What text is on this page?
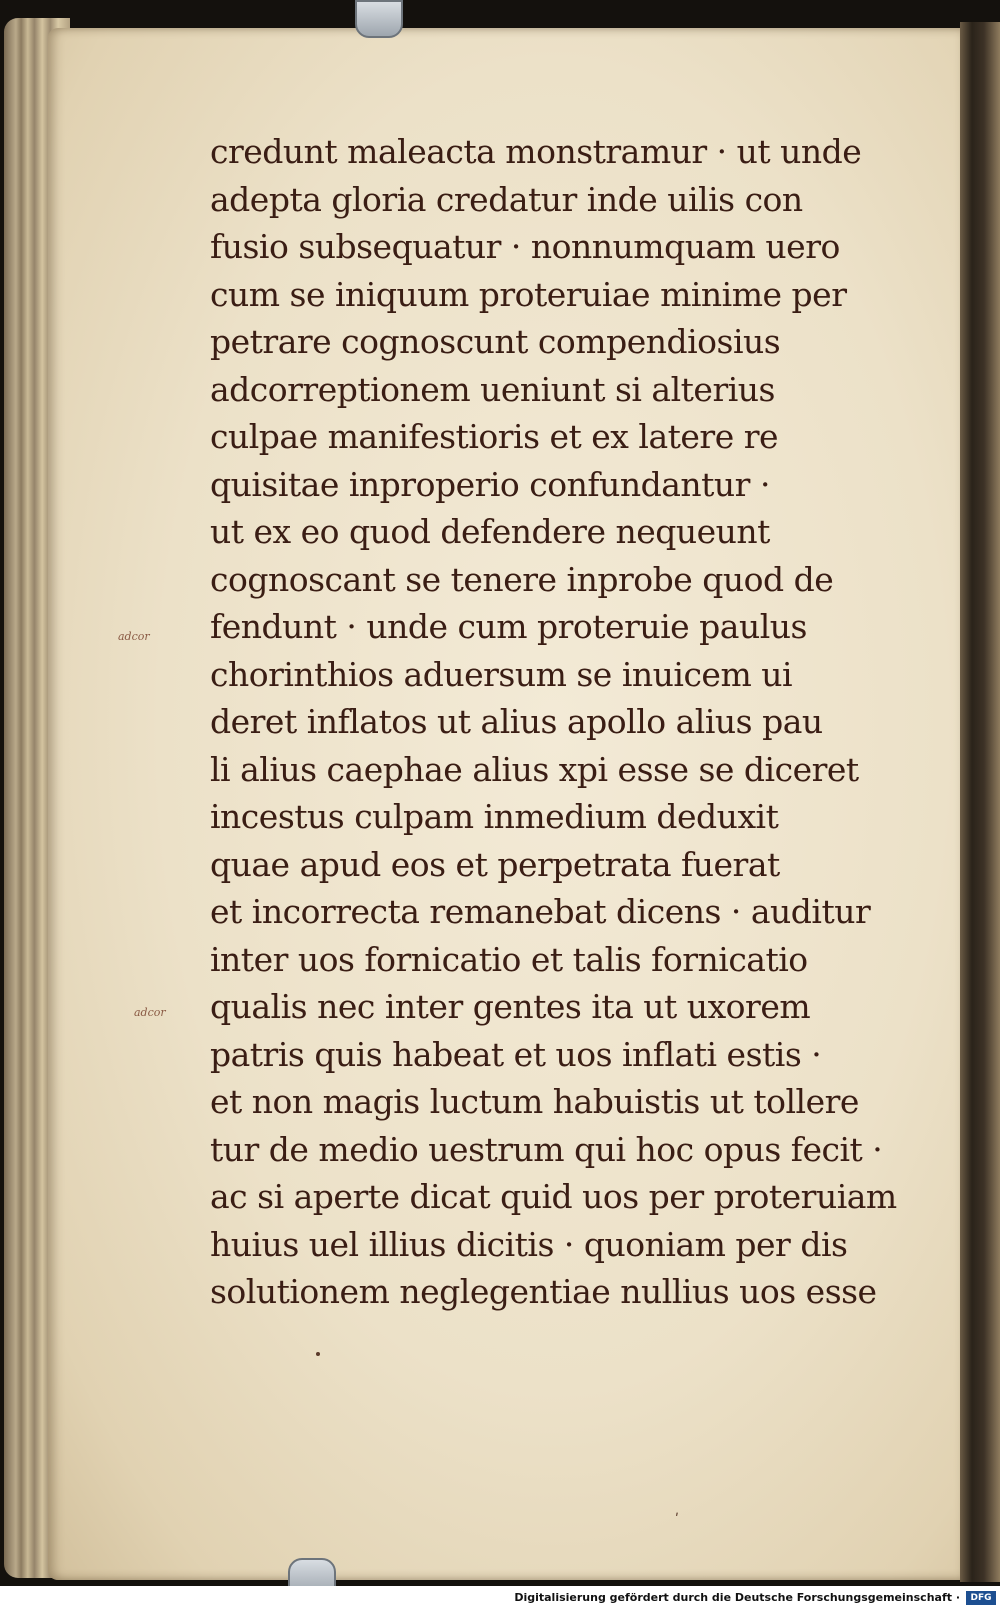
adcor
adcor
credunt maleacta monstramur · ut unde
adepta gloria credatur inde uilis con
fusio subsequatur · nonnumquam uero
cum se iniquum proteruiae minime per
petrare cognoscunt compendiosius
adcorreptionem ueniunt si alterius
culpae manifestioris et ex latere re
quisitae inproperio confundantur ·
ut ex eo quod defendere nequeunt
cognoscant se tenere inprobe quod de
fendunt · unde cum proteruie paulus
chorinthios aduersum se inuicem ui
deret inflatos ut alius apollo alius pau
li alius caephae alius xpi esse se diceret
incestus culpam inmedium deduxit
quae apud eos et perpetrata fuerat
et incorrecta remanebat dicens · auditur
inter uos fornicatio et talis fornicatio
qualis nec inter gentes ita ut uxorem
patris quis habeat et uos inflati estis ·
et non magis luctum habuistis ut tollere
tur de medio uestrum qui hoc opus fecit ·
ac si aperte dicat quid uos per proteruiam
huius uel illius dicitis · quoniam per dis
solutionem neglegentiae nullius uos esse
ʹ
Digitalisierung gefördert durch die Deutsche Forschungsgemeinschaft ·	DFG
